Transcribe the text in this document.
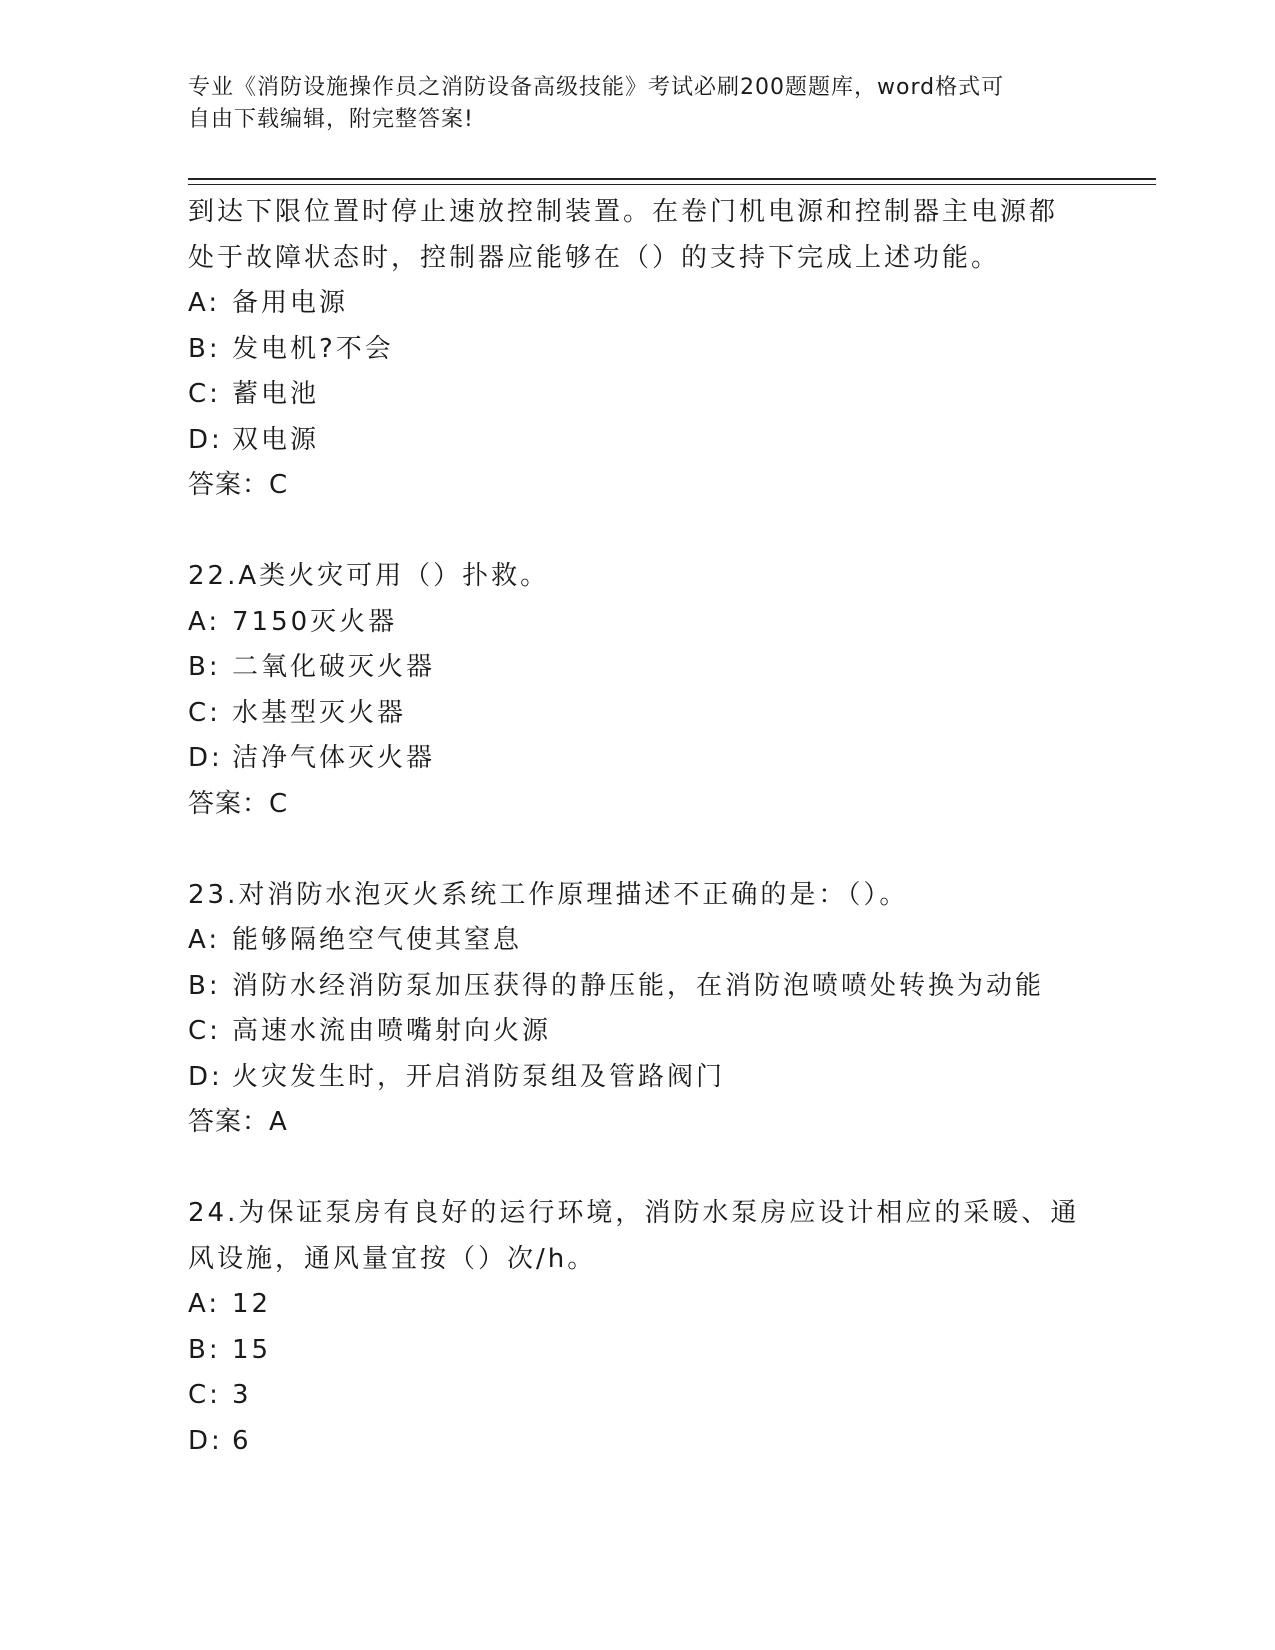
专业《消防设施操作员之消防设备高级技能》考试必刷200题题库，word格式可
自由下载编辑，附完整答案!
到达下限位置时停止速放控制装置。在卷门机电源和控制器主电源都
处于故障状态时，控制器应能够在（）的支持下完成上述功能。
A: 备用电源
B: 发电机?不会
C: 蓄电池
D: 双电源
答案：C
22.A类火灾可用（）扑救。
A: 7150灭火器
B: 二氧化破灭火器
C: 水基型灭火器
D: 洁净气体灭火器
答案：C
23.对消防水泡灭火系统工作原理描述不正确的是：（）。
A: 能够隔绝空气使其窒息
B: 消防水经消防泵加压获得的静压能，在消防泡喷喷处转换为动能
C: 高速水流由喷嘴射向火源
D: 火灾发生时，开启消防泵组及管路阀门
答案：A
24.为保证泵房有良好的运行环境，消防水泵房应设计相应的采暖、通
风设施，通风量宜按（）次/h。
A: 12
B: 15
C: 3
D: 6
